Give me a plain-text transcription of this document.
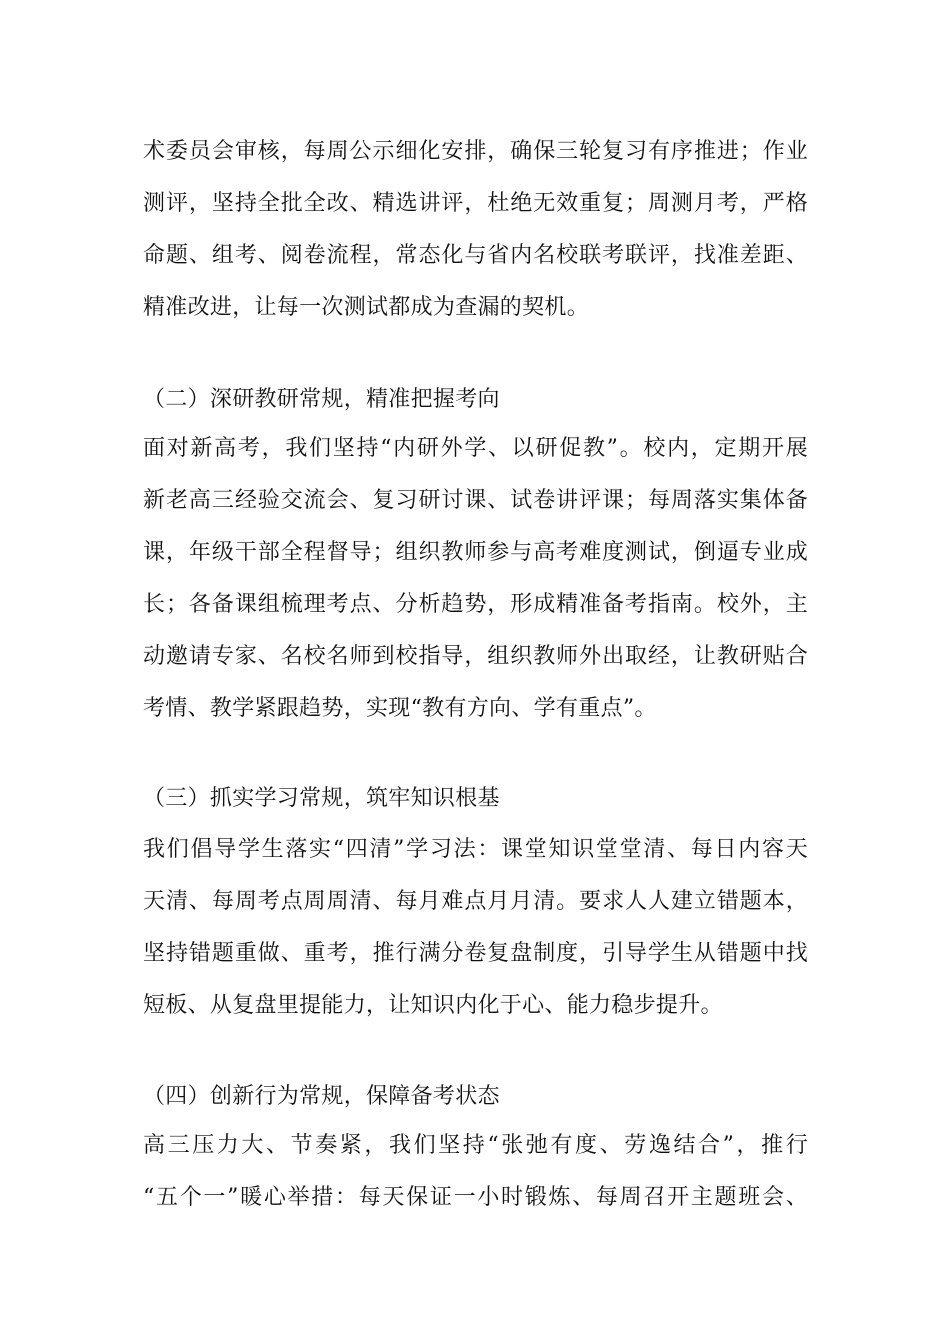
术委员会审核，每周公示细化安排，确保三轮复习有序推进；作业
测评，坚持全批全改、精选讲评，杜绝无效重复；周测月考，严格
命题、组考、阅卷流程，常态化与省内名校联考联评，找准差距、
精准改进，让每一次测试都成为查漏的契机。
（二）深研教研常规，精准把握考向
面对新高考，我们坚持“内研外学、以研促教”。校内，定期开展
新老高三经验交流会、复习研讨课、试卷讲评课；每周落实集体备
课，年级干部全程督导；组织教师参与高考难度测试，倒逼专业成
长；各备课组梳理考点、分析趋势，形成精准备考指南。校外，主
动邀请专家、名校名师到校指导，组织教师外出取经，让教研贴合
考情、教学紧跟趋势，实现“教有方向、学有重点”。
（三）抓实学习常规，筑牢知识根基
我们倡导学生落实“四清”学习法：课堂知识堂堂清、每日内容天
天清、每周考点周周清、每月难点月月清。要求人人建立错题本，
坚持错题重做、重考，推行满分卷复盘制度，引导学生从错题中找
短板、从复盘里提能力，让知识内化于心、能力稳步提升。
（四）创新行为常规，保障备考状态
高三压力大、节奏紧，我们坚持“张弛有度、劳逸结合”，推行
“五个一”暖心举措：每天保证一小时锻炼、每周召开主题班会、
